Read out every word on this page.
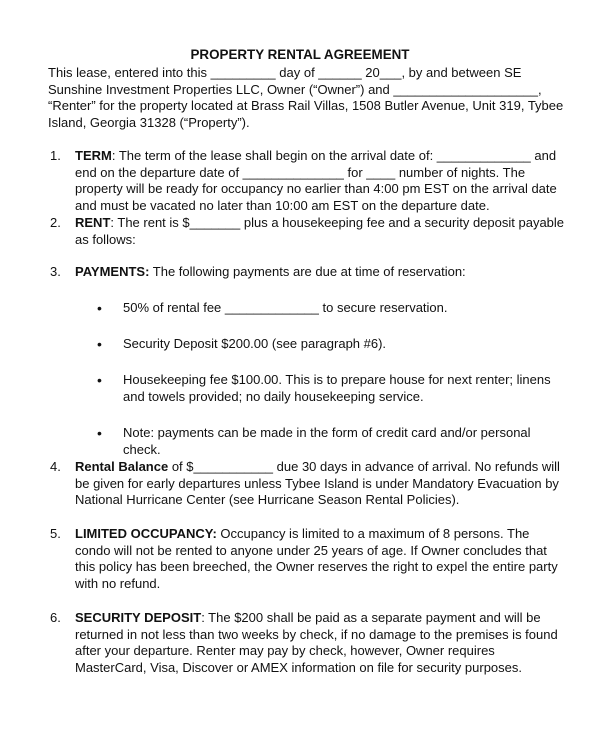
PROPERTY RENTAL AGREEMENT
This lease, entered into this _________ day of ______ 20___, by and between SE Sunshine Investment Properties LLC, Owner (“Owner”) and ____________________, “Renter” for the property located at Brass Rail Villas, 1508 Butler Avenue, Unit 319, Tybee Island, Georgia 31328 (“Property”).
1.	TERM: The term of the lease shall begin on the arrival date of: _____________ and end on the departure date of ______________ for ____ number of nights. The property will be ready for occupancy no earlier than 4:00 pm EST on the arrival date and must be vacated no later than 10:00 am EST on the departure date.
2.	RENT: The rent is $_______ plus a housekeeping fee and a security deposit payable as follows:
3.	PAYMENTS: The following payments are due at time of reservation:
• 50% of rental fee _____________ to secure reservation.
• Security Deposit $200.00 (see paragraph #6).
• Housekeeping fee $100.00. This is to prepare house for next renter; linens and towels provided; no daily housekeeping service.
• Note: payments can be made in the form of credit card and/or personal check.
4.	Rental Balance of $___________ due 30 days in advance of arrival. No refunds will be given for early departures unless Tybee Island is under Mandatory Evacuation by National Hurricane Center (see Hurricane Season Rental Policies).
5.	LIMITED OCCUPANCY: Occupancy is limited to a maximum of 8 persons. The condo will not be rented to anyone under 25 years of age. If Owner concludes that this policy has been breeched, the Owner reserves the right to expel the entire party with no refund.
6.	SECURITY DEPOSIT: The $200 shall be paid as a separate payment and will be returned in not less than two weeks by check, if no damage to the premises is found after your departure. Renter may pay by check, however, Owner requires MasterCard, Visa, Discover or AMEX information on file for security purposes.
